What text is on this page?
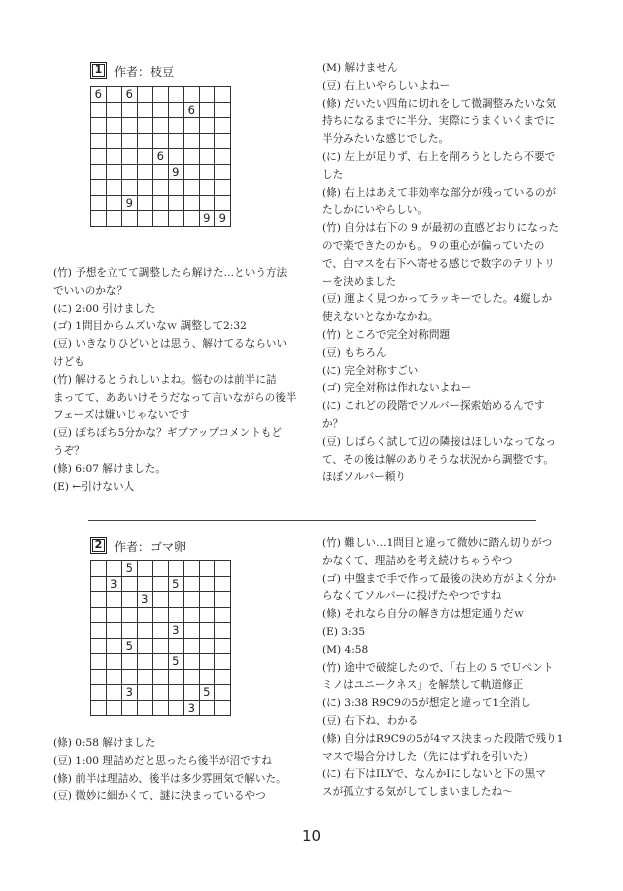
1 作者：枝豆
6		6						
						6		

				6				
					9			

		9						
							9	9
(竹) 予想を立てて調整したら解けた…という方法
でいいのかな？
(に) 2:00 引けました
(ゴ) 1問目からムズいなｗ 調整して2:32
(豆) いきなりひどいとは思う、解けてるならいい
けども
(竹) 解けるとうれしいよね。悩むのは前半に詰
まってて、ああいけそうだなって言いながらの後半
フェーズは嫌いじゃないです
(豆) ぽちぽち5分かな？ギブアップコメントもど
うぞ？
(條) 6:07 解けました。
(E) ←引けない人
(M) 解けません
(豆) 右上いやらしいよねー
(條) だいたい四角に切れをして微調整みたいな気
持ちになるまでに半分、実際にうまくいくまでに
半分みたいな感じでした。
(に) 左上が足りず、右上を削ろうとしたら不要で
した
(條) 右上はあえて非効率な部分が残っているのが
たしかにいやらしい。
(竹) 自分は右下の 9 が最初の直感どおりになった
ので楽できたのかも。９の重心が偏っていたの
で、白マスを右下へ寄せる感じで数字のテリトリ
ーを決めました
(豆) 運よく見つかってラッキーでした。4縦しか
使えないとなかなかね。
(竹) ところで完全対称問題
(豆) もちろん
(に) 完全対称すごい
(ゴ) 完全対称は作れないよねー
(に) これどの段階でソルバー探索始めるんです
か？
(豆) しばらく試して辺の隣接はほしいなってなっ
て、その後は解のありそうな状況から調整です。
ほぼソルバー頼り
2 作者：ゴマ卵
		5						
	3				5			
			3					

					3			
		5						
					5			

		3					5	
						3		
(條) 0:58 解けました
(豆) 1:00 理詰めだと思ったら後半が沼ですね
(條) 前半は理詰め、後半は多少雰囲気で解いた。
(豆) 微妙に細かくて、謎に決まっているやつ
(竹) 難しい…1問目と違って微妙に踏ん切りがつ
かなくて、理詰めを考え続けちゃうやつ
(ゴ) 中盤まで手で作って最後の決め方がよく分か
らなくてソルバーに投げたやつですね
(條) それなら自分の解き方は想定通りだｗ
(E) 3:35
(M) 4:58
(竹) 途中で破綻したので、「右上の 5 でＵペント
ミノはユニークネス」を解禁して軌道修正
(に) 3:38 R9C9の5が想定と違って1全消し
(豆) 右下ね、わかる
(條) 自分はR9C9の5が4マス決まった段階で残り1
マスで場合分けした（先にはずれを引いた）
(に) 右下はILYで、なんかIにしないと下の黒マ
スが孤立する気がしてしまいましたね～
10
